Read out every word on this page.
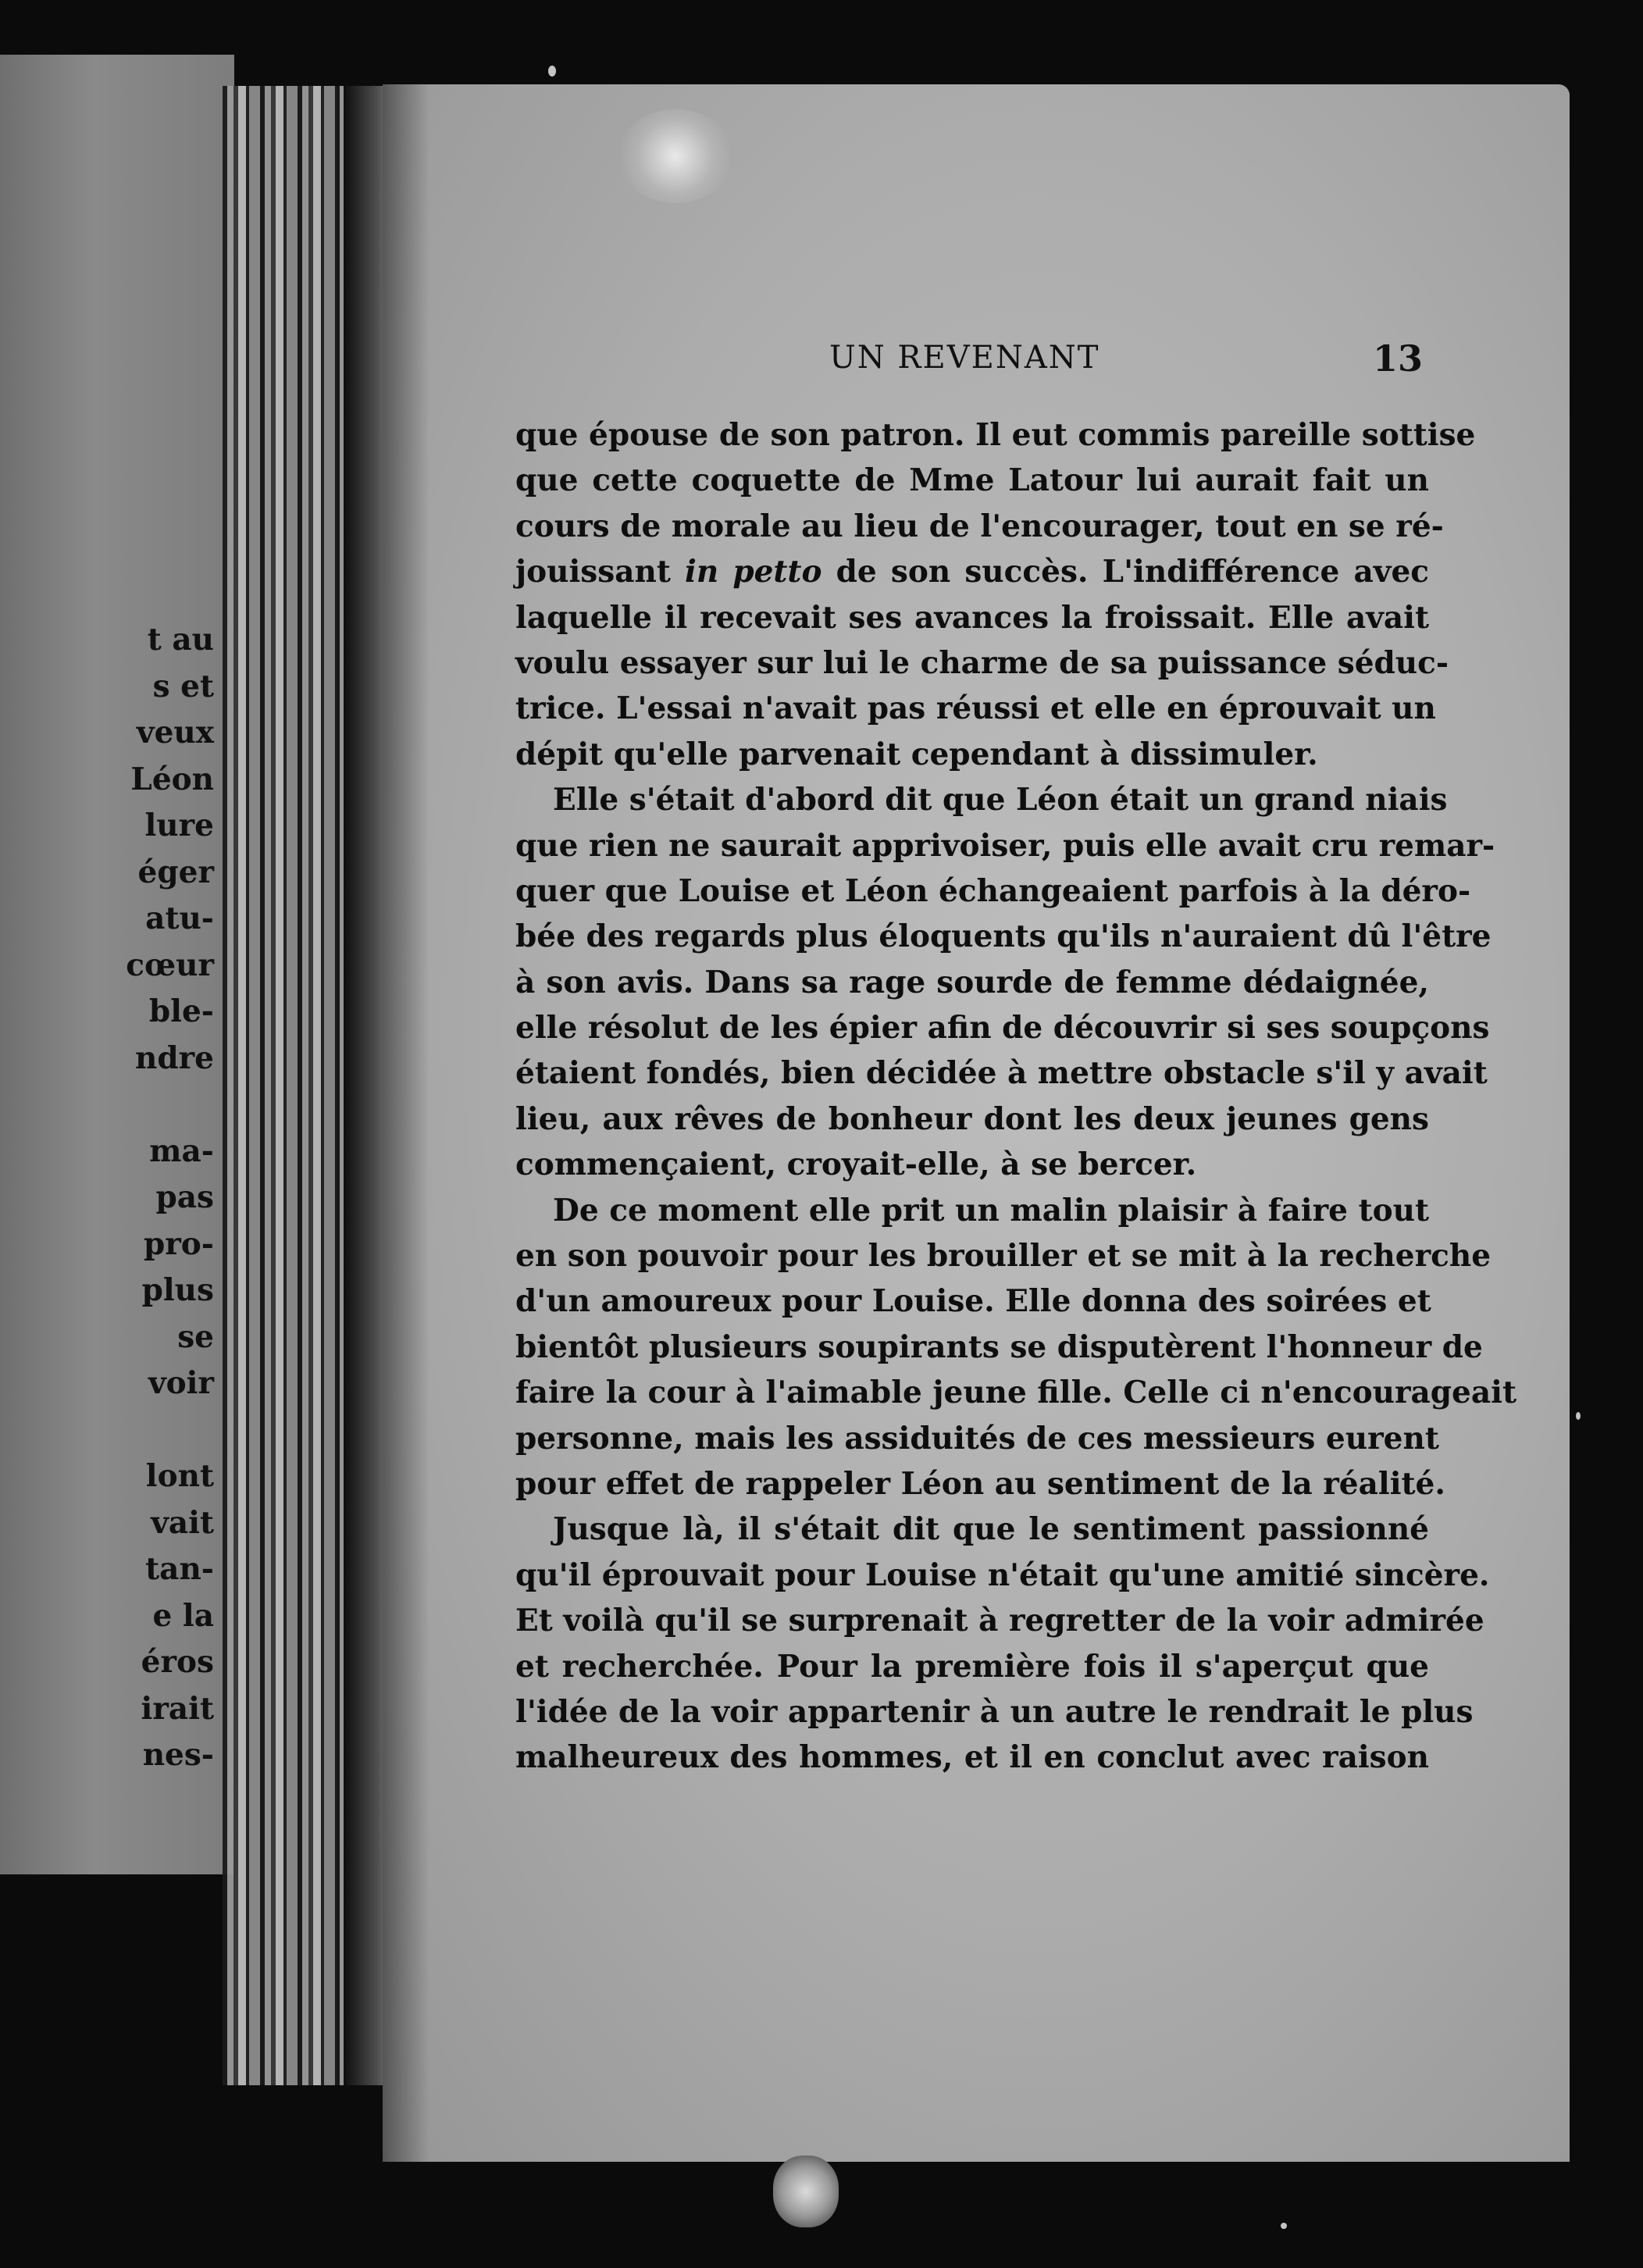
t au
s et
veux
Léon
lure
éger
atu-
cœur
ble-
ndre
ma-
pas
pro-
plus
se
voir
lont
vait
tan-
e la
éros
irait
nes-
UN REVENANT	13
que épouse de son patron. Il eut commis pareille sottise
que cette coquette de Mme Latour lui aurait fait un
cours de morale au lieu de l'encourager, tout en se ré-
jouissant in petto de son succès. L'indifférence avec
laquelle il recevait ses avances la froissait. Elle avait
voulu essayer sur lui le charme de sa puissance séduc-
trice. L'essai n'avait pas réussi et elle en éprouvait un
dépit qu'elle parvenait cependant à dissimuler.
Elle s'était d'abord dit que Léon était un grand niais
que rien ne saurait apprivoiser, puis elle avait cru remar-
quer que Louise et Léon échangeaient parfois à la déro-
bée des regards plus éloquents qu'ils n'auraient dû l'être
à son avis. Dans sa rage sourde de femme dédaignée,
elle résolut de les épier afin de découvrir si ses soupçons
étaient fondés, bien décidée à mettre obstacle s'il y avait
lieu, aux rêves de bonheur dont les deux jeunes gens
commençaient, croyait-elle, à se bercer.
De ce moment elle prit un malin plaisir à faire tout
en son pouvoir pour les brouiller et se mit à la recherche
d'un amoureux pour Louise. Elle donna des soirées et
bientôt plusieurs soupirants se disputèrent l'honneur de
faire la cour à l'aimable jeune fille. Celle ci n'encourageait
personne, mais les assiduités de ces messieurs eurent
pour effet de rappeler Léon au sentiment de la réalité.
Jusque là, il s'était dit que le sentiment passionné
qu'il éprouvait pour Louise n'était qu'une amitié sincère.
Et voilà qu'il se surprenait à regretter de la voir admirée
et recherchée. Pour la première fois il s'aperçut que
l'idée de la voir appartenir à un autre le rendrait le plus
malheureux des hommes, et il en conclut avec raison
